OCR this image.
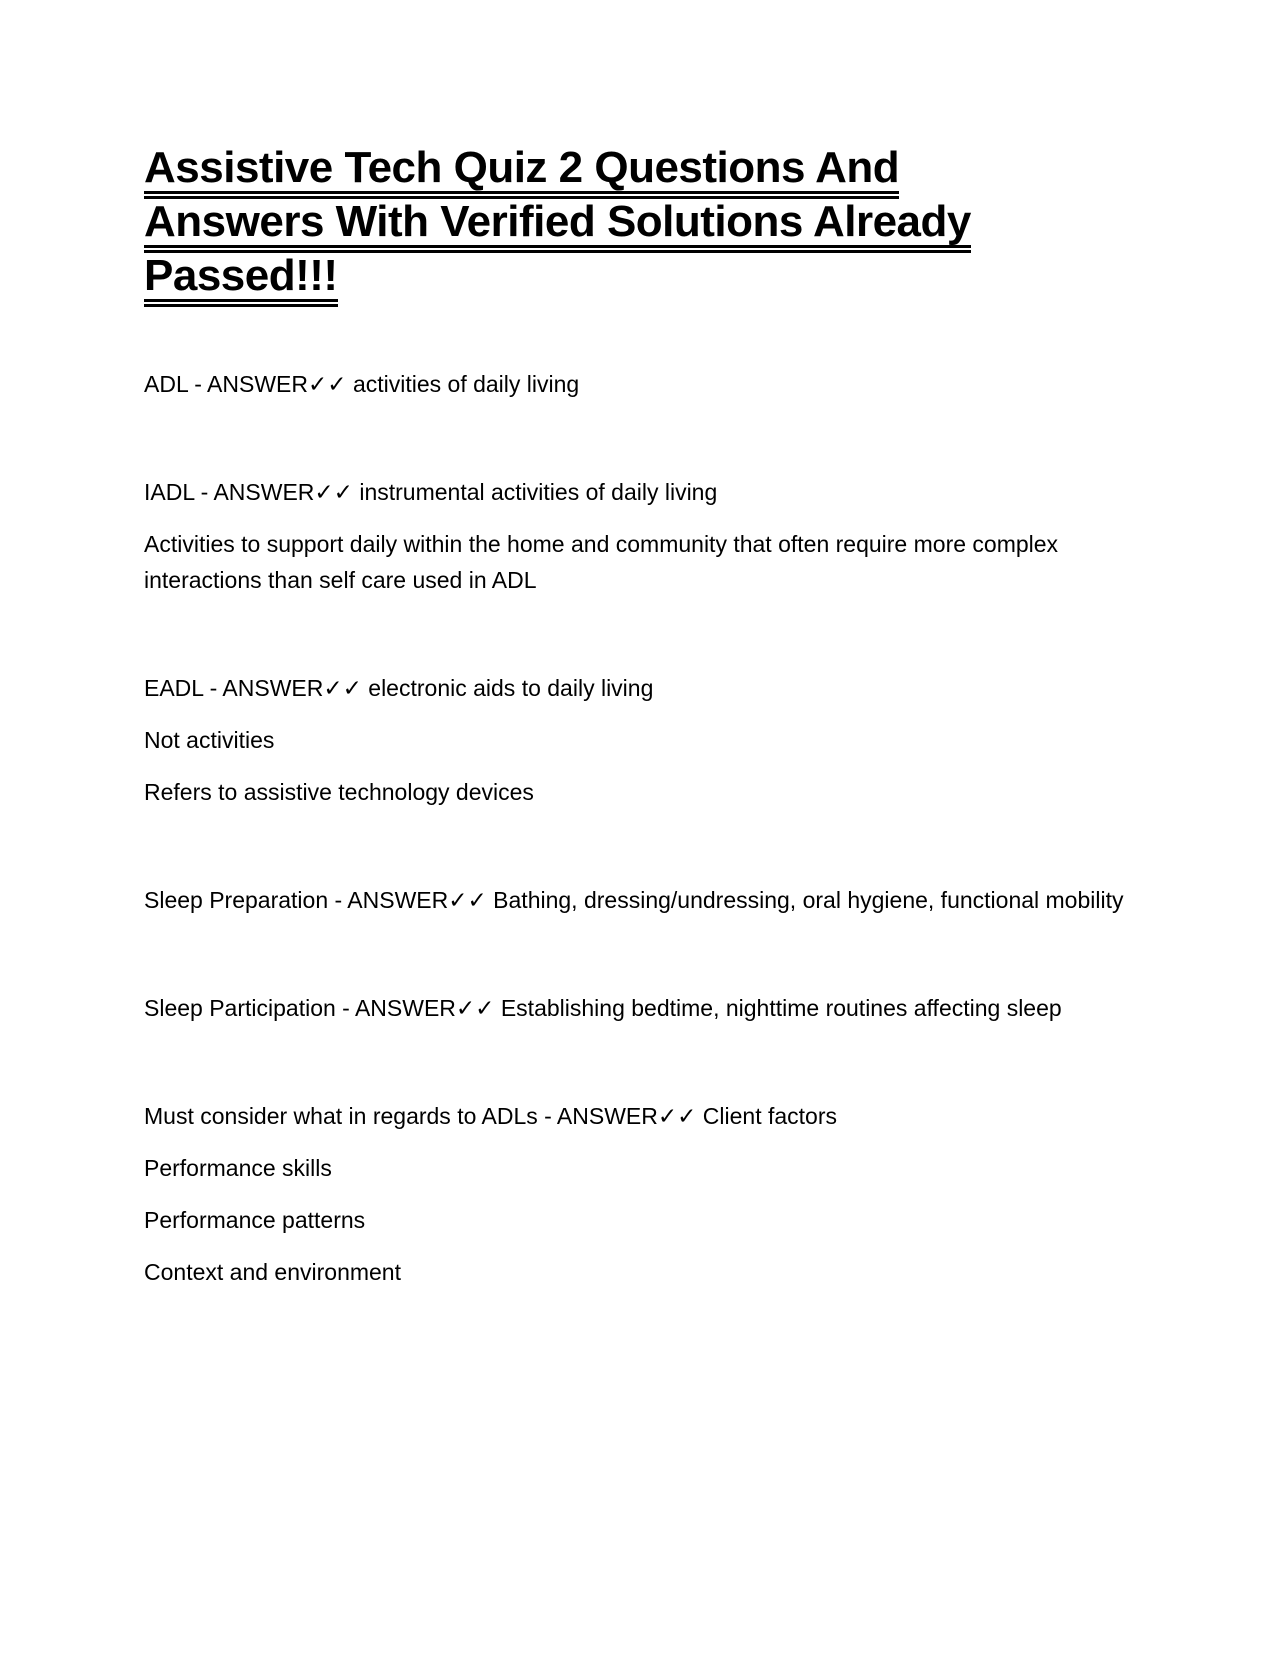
Assistive Tech Quiz 2 Questions And
Answers With Verified Solutions Already
Passed!!!

ADL - ANSWER✓✓ activities of daily living

IADL - ANSWER✓✓ instrumental activities of daily living

Activities to support daily within the home and community that often require more complex interactions than self care used in ADL

EADL - ANSWER✓✓ electronic aids to daily living

Not activities

Refers to assistive technology devices

Sleep Preparation - ANSWER✓✓ Bathing, dressing/undressing, oral hygiene, functional mobility

Sleep Participation - ANSWER✓✓ Establishing bedtime, nighttime routines affecting sleep

Must consider what in regards to ADLs - ANSWER✓✓ Client factors

Performance skills

Performance patterns

Context and environment
